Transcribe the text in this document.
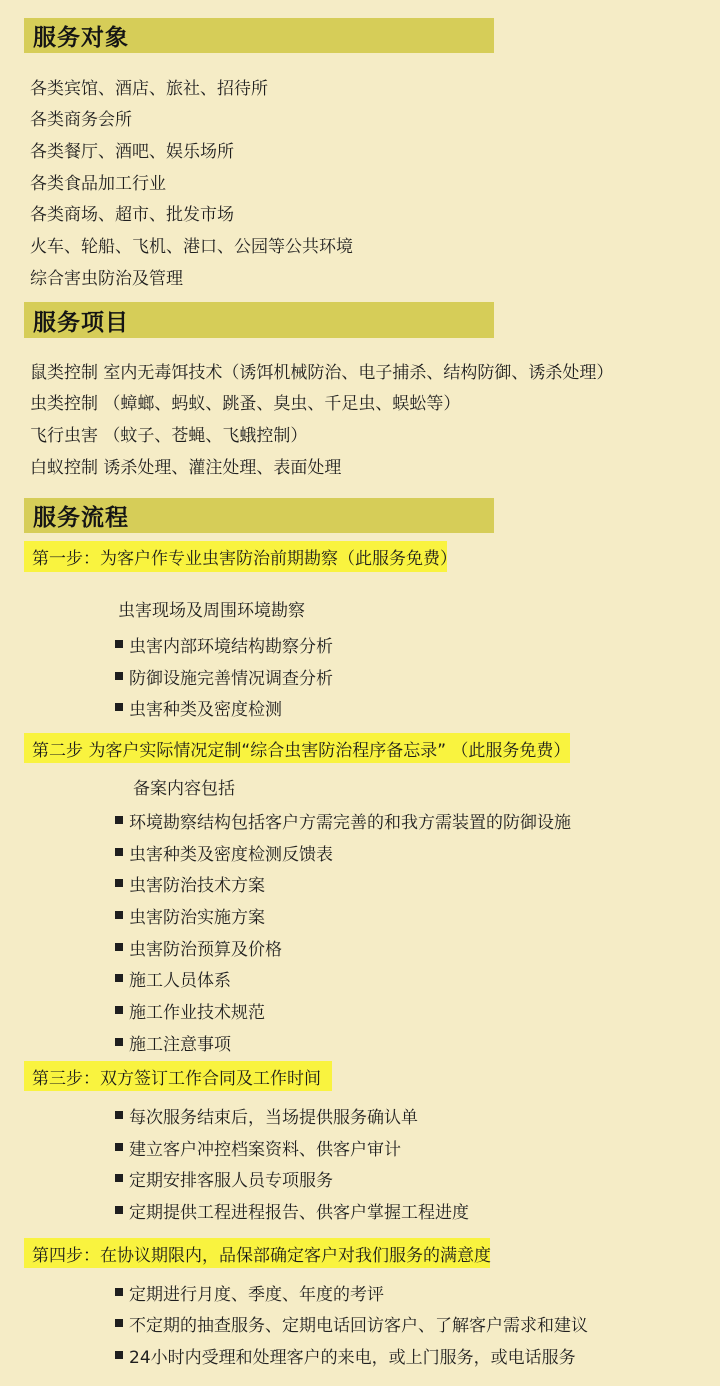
服务对象
各类宾馆、酒店、旅社、招待所
各类商务会所
各类餐厅、酒吧、娱乐场所
各类食品加工行业
各类商场、超市、批发市场
火车、轮船、飞机、港口、公园等公共环境
综合害虫防治及管理
服务项目
鼠类控制 室内无毒饵技术（诱饵机械防治、电子捕杀、结构防御、诱杀处理）
虫类控制 （蟑螂、蚂蚁、跳蚤、臭虫、千足虫、蜈蚣等）
飞行虫害 （蚊子、苍蝇、飞蛾控制）
白蚁控制 诱杀处理、灌注处理、表面处理
服务流程
第一步：为客户作专业虫害防治前期勘察（此服务免费）
虫害现场及周围环境勘察
虫害内部环境结构勘察分析
防御设施完善情况调查分析
虫害种类及密度检测
第二步 为客户实际情况定制“综合虫害防治程序备忘录” （此服务免费）
备案内容包括
环境勘察结构包括客户方需完善的和我方需装置的防御设施
虫害种类及密度检测反馈表
虫害防治技术方案
虫害防治实施方案
虫害防治预算及价格
施工人员体系
施工作业技术规范
施工注意事项
第三步：双方签订工作合同及工作时间
每次服务结束后，当场提供服务确认单
建立客户冲控档案资料、供客户审计
定期安排客服人员专项服务
定期提供工程进程报告、供客户掌握工程进度
第四步：在协议期限内，品保部确定客户对我们服务的满意度
定期进行月度、季度、年度的考评
不定期的抽查服务、定期电话回访客户、了解客户需求和建议
24小时内受理和处理客户的来电，或上门服务，或电话服务
